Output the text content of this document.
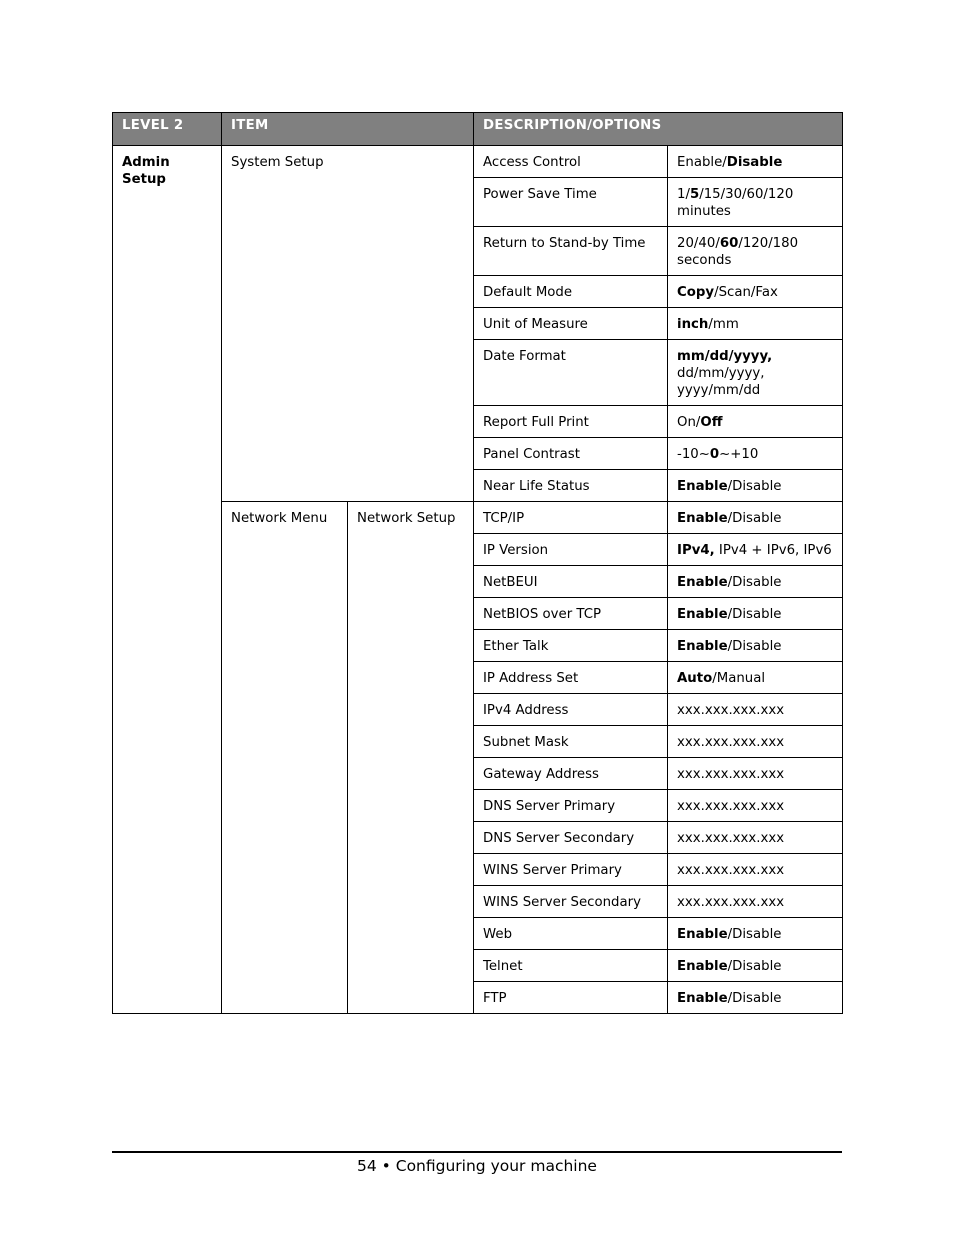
LEVEL 2	ITEM		DESCRIPTION/OPTIONS	
Admin Setup	System Setup		Access Control	Enable/Disable
			Power Save Time	1/5/15/30/60/120 minutes
			Return to Stand-by Time	20/40/60/120/180 seconds
			Default Mode	Copy/Scan/Fax
			Unit of Measure	inch/mm
			Date Format	mm/dd/yyyy, dd/mm/yyyy, yyyy/mm/dd
			Report Full Print	On/Off
			Panel Contrast	-10~0~+10
			Near Life Status	Enable/Disable
	Network Menu	Network Setup	TCP/IP	Enable/Disable
			IP Version	IPv4, IPv4 + IPv6, IPv6
			NetBEUI	Enable/Disable
			NetBIOS over TCP	Enable/Disable
			Ether Talk	Enable/Disable
			IP Address Set	Auto/Manual
			IPv4 Address	xxx.xxx.xxx.xxx
			Subnet Mask	xxx.xxx.xxx.xxx
			Gateway Address	xxx.xxx.xxx.xxx
			DNS Server Primary	xxx.xxx.xxx.xxx
			DNS Server Secondary	xxx.xxx.xxx.xxx
			WINS Server Primary	xxx.xxx.xxx.xxx
			WINS Server Secondary	xxx.xxx.xxx.xxx
			Web	Enable/Disable
			Telnet	Enable/Disable
			FTP	Enable/Disable
54 • Configuring your machine
